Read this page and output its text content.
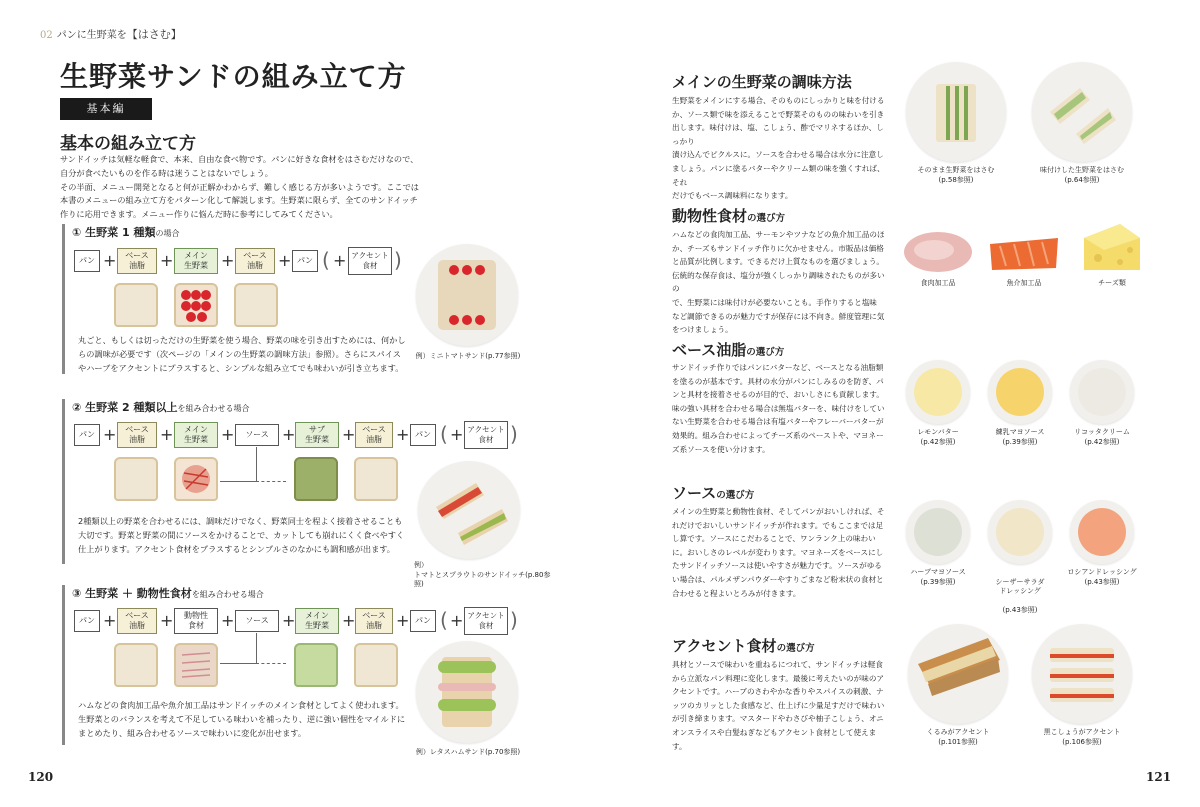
02 パンに生野菜を【はさむ】
生野菜サンドの組み立て方
基本編
基本の組み立て方
サンドイッチは気軽な軽食で、本来、自由な食べ物です。パンに好きな食材をはさむだけなので、
自分が食べたいものを作る時は迷うことはないでしょう。
その半面、メニュー開発となると何が正解かわからず、難しく感じる方が多いようです。ここでは
本書のメニューの組み立て方をパターン化して解説します。生野菜に限らず、全てのサンドイッチ
作りに応用できます。メニュー作りに悩んだ時に参考にしてみてください。
① 生野菜 1 種類の場合
パン +	ベース
油脂 +	メイン
生野菜 +	ベース
油脂 + パン ( + アクセント
食材 )
丸ごと、もしくは切っただけの生野菜を使う場合、野菜の味を引き出すためには、何かし
らの調味が必要です（次ページの「メインの生野菜の調味方法」参照）。さらにスパイス
やハーブをアクセントにプラスすると、シンプルな組み立てでも味わいが引き立ちます。
例）ミニトマトサンド(p.77参照)
② 生野菜 2 種類以上を組み合わせる場合
パン +	ベース
油脂 +	メイン
生野菜 +	ソース +	サブ
生野菜 + ベース
油脂 + パン ( + アクセント
食材 )
2種類以上の野菜を合わせるには、調味だけでなく、野菜同士を程よく接着させることも
大切です。野菜と野菜の間にソースをかけることで、カットしても崩れにくく食べやすく
仕上がります。アクセント食材をプラスするとシンプルさのなかにも調和感が出ます。
例）
トマトとスプラウトのサンドイッチ(p.80参照)
③ 生野菜 ＋ 動物性食材を組み合わせる場合
パン +	ベース
油脂 +	動物性
食材	+	ソース +	メイン
生野菜 + ベース
油脂 + パン ( + アクセント
食材 )
ハムなどの食肉加工品や魚介加工品はサンドイッチのメイン食材としてよく使われます。
生野菜とのバランスを考えて不足している味わいを補ったり、逆に強い個性をマイルドに
まとめたり、組み合わせるソースで味わいに変化が出せます。
例）レタスハムサンド(p.70参照)
120
メインの生野菜の調味方法
生野菜をメインにする場合、そのものにしっかりと味を付ける
か、ソース類で味を添えることで野菜そのものの味わいを引き
出します。味付けは、塩、こしょう、酢でマリネするほか、しっかり
漬け込んでピクルスに。ソースを合わせる場合は水分に注意し
ましょう。パンに塗るバターやクリーム類の味を強くすれば、それ
だけでもベース調味料になります。
そのまま生野菜をはさむ
(p.58参照)
味付けした生野菜をはさむ
(p.64参照)
動物性食材の選び方
ハムなどの食肉加工品、サーモンやツナなどの魚介加工品のほ
か、チーズもサンドイッチ作りに欠かせません。市販品は価格
と品質が比例します。できるだけ上質なものを選びましょう。
伝統的な保存食は、塩分が強くしっかり調味されたものが多いの
で、生野菜には味付けが必要ないことも。手作りすると塩味
など調節できるのが魅力ですが保存には不向き。鮮度管理に気
をつけましょう。
食肉加工品	魚介加工品	チーズ類
ベース油脂の選び方
サンドイッチ作りではパンにバターなど、ベースとなる油脂類
を塗るのが基本です。具材の水分がパンにしみるのを防ぎ、パ
ンと具材を接着させるのが目的で、おいしさにも貢献します。
味の強い具材を合わせる場合は無塩バターを、味付けをしてい
ない生野菜を合わせる場合は有塩バターやフレーバーバターが
効果的。組み合わせによってチーズ系のペーストや、マヨネー
ズ系ソースを使い分けます。
レモンバター
(p.42参照)
練乳マヨソース
(p.39参照)
リコッタクリーム
(p.42参照)
ソースの選び方
メインの生野菜と動物性食材、そしてパンがおいしければ、そ
れだけでおいしいサンドイッチが作れます。でもここまでは足
し算です。ソースにこだわることで、ワンランク上の味わい
に。おいしさのレベルが変わります。マヨネーズをベースにし
たサンドイッチソースは使いやすさが魅力です。ソースがゆる
い場合は、パルメザンパウダーやすりごまなど粉末状の食材と
合わせると程よいとろみが付きます。
ハーブマヨソース
(p.39参照)	シーザーサラダ
ドレッシング

(p.43参照)

ロシアンドレッシング
(p.43参照)
アクセント食材の選び方
具材とソースで味わいを重ねるにつれて、サンドイッチは軽食
から立派なパン料理に変化します。最後に考えたいのが味のア
クセントです。ハーブのさわやかな香りやスパイスの刺激、ナ
ッツのカリッとした食感など、仕上げに少量足すだけで味わい
が引き締まります。マスタードやわさびや柚子こしょう、オニ
オンスライスや白髪ねぎなどもアクセント食材として使えます。
くるみがアクセント
(p.101参照)
黒こしょうがアクセント
(p.106参照)
121
